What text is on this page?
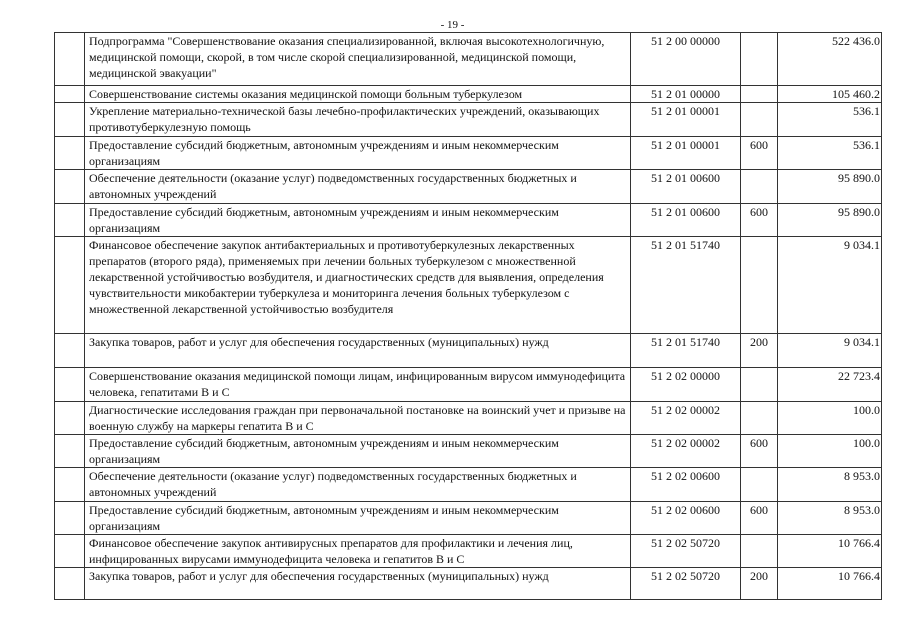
- 19 -
	Подпрограмма "Совершенствование оказания специализированной, включая высокотехнологичную, медицинской помощи, скорой, в том числе скорой специализированной, медицинской помощи, медицинской эвакуации"	51 2 00 00000		522 436.0
	Совершенствование системы оказания медицинской помощи больным туберкулезом	51 2 01 00000		105 460.2
	Укрепление материально-технической базы лечебно-профилактических учреждений, оказывающих противотуберкулезную помощь	51 2 01 00001		536.1
	Предоставление субсидий бюджетным, автономным учреждениям и иным некоммерческим организациям	51 2 01 00001	600	536.1
	Обеспечение деятельности (оказание услуг) подведомственных государственных бюджетных и автономных учреждений	51 2 01 00600		95 890.0
	Предоставление субсидий бюджетным, автономным учреждениям и иным некоммерческим организациям	51 2 01 00600	600	95 890.0
	Финансовое обеспечение закупок антибактериальных и противотуберкулезных лекарственных препаратов (второго ряда), применяемых при лечении больных туберкулезом с множественной лекарственной устойчивостью возбудителя, и диагностических средств для выявления, определения чувствительности микобактерии туберкулеза и мониторинга лечения больных туберкулезом с множественной лекарственной устойчивостью возбудителя	51 2 01 51740		9 034.1
	Закупка товаров, работ и услуг для обеспечения государственных (муниципальных) нужд	51 2 01 51740	200	9 034.1
	Совершенствование оказания медицинской помощи лицам, инфицированным вирусом иммунодефицита человека, гепатитами В и С	51 2 02 00000		22 723.4
	Диагностические исследования граждан при первоначальной постановке на воинский учет и призыве на военную службу на маркеры гепатита В и С	51 2 02 00002		100.0
	Предоставление субсидий бюджетным, автономным учреждениям и иным некоммерческим организациям	51 2 02 00002	600	100.0
	Обеспечение деятельности (оказание услуг) подведомственных государственных бюджетных и автономных учреждений	51 2 02 00600		8 953.0
	Предоставление субсидий бюджетным, автономным учреждениям и иным некоммерческим организациям	51 2 02 00600	600	8 953.0
	Финансовое обеспечение закупок антивирусных препаратов для профилактики и лечения лиц, инфицированных вирусами иммунодефицита человека и гепатитов В и С	51 2 02 50720		10 766.4
	Закупка товаров, работ и услуг для обеспечения государственных (муниципальных) нужд	51 2 02 50720	200	10 766.4
